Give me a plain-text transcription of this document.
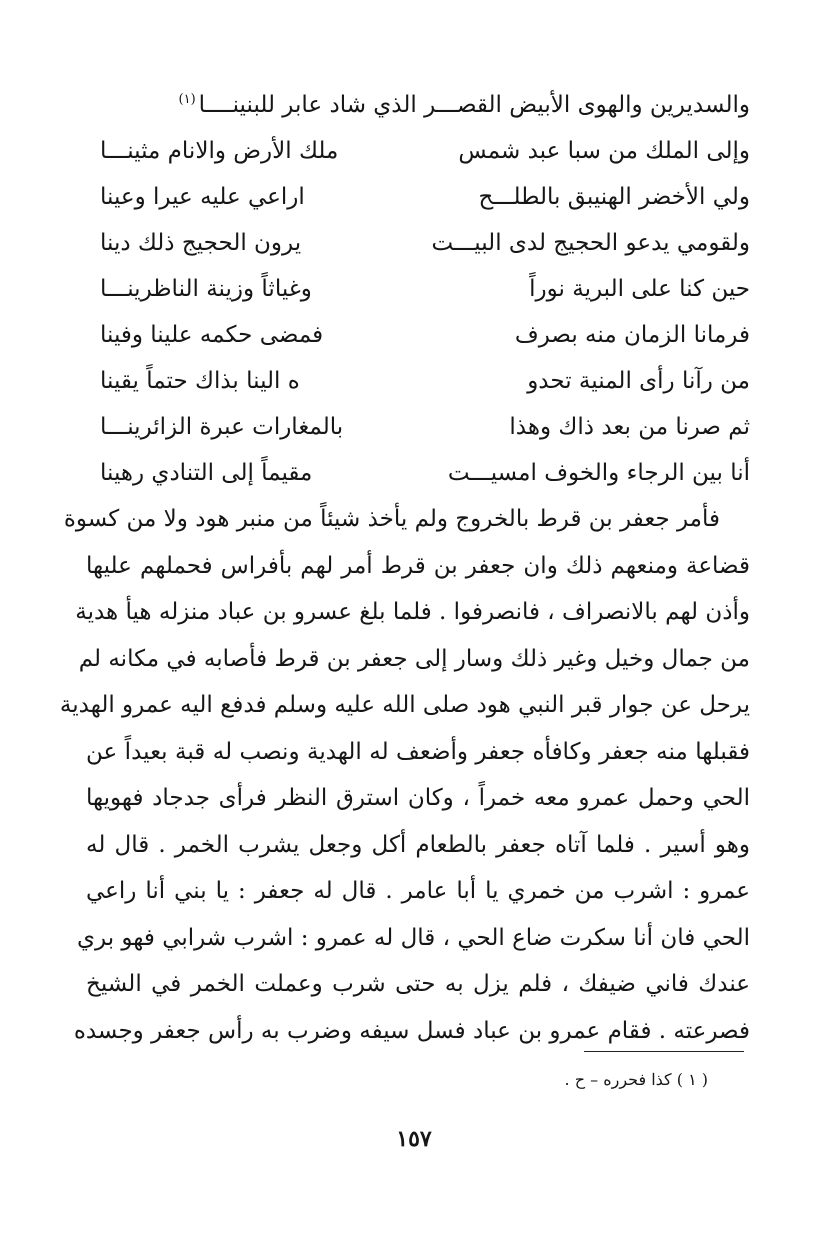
والسديرين والهوى الأبيض القصـــر الذي شاد عابر للبنينــــا$^{(١)}$
وإلى الملك من سبا عبد شمس
ملك الأرض والانام مثينـــا
ولي الأخضر الهنيبق بالطلـــح
اراعي عليه عيرا وعينا
ولقومي يدعو الحجيج لدى البيـــت
يرون الحجيج ذلك دينا
حين كنا على البرية نوراً
وغياثاً وزينة الناظرينـــا
فرمانا الزمان منه بصرف
فمضى حكمه علينا وفينا
من رآنا رأى المنية تحدو
ه الينا بذاك حتماً يقينا
ثم صرنا من بعد ذاك وهذا
بالمغارات عبرة الزائرينـــا
أنا بين الرجاء والخوف امسيـــت
مقيماً إلى التنادي رهينا
فأمر جعفر بن قرط بالخروج ولم يأخذ شيئاً من منبر هود ولا من كسوة
قضاعة ومنعهم ذلك وان جعفر بن قرط أمر لهم بأفراس فحملهم عليها
وأذن لهم بالانصراف ، فانصرفوا . فلما بلغ عسرو بن عباد منزله هيأ هدية
من جمال وخيل وغير ذلك وسار إلى جعفر بن قرط فأصابه في مكانه لم
يرحل عن جوار قبر النبي هود صلى الله عليه وسلم فدفع اليه عمرو الهدية
فقبلها منه جعفر وكافأه جعفر وأضعف له الهدية ونصب له قبة بعيداً عن
الحي وحمل عمرو معه خمراً ، وكان استرق النظر فرأى جدجاد فهويها
وهو أسير . فلما آتاه جعفر بالطعام أكل وجعل يشرب الخمر . قال له
عمرو : اشرب من خمري يا أبا عامر . قال له جعفر : يا بني أنا راعي
الحي فان أنا سكرت ضاع الحي ، قال له عمرو : اشرب شرابي فهو بري
عندك فاني ضيفك ، فلم يزل به حتى شرب وعملت الخمر في الشيخ
فصرعته . فقام عمرو بن عباد فسل سيفه وضرب به رأس جعفر وجسده
( ١ ) كذا فحرره – ح .
١٥٧
